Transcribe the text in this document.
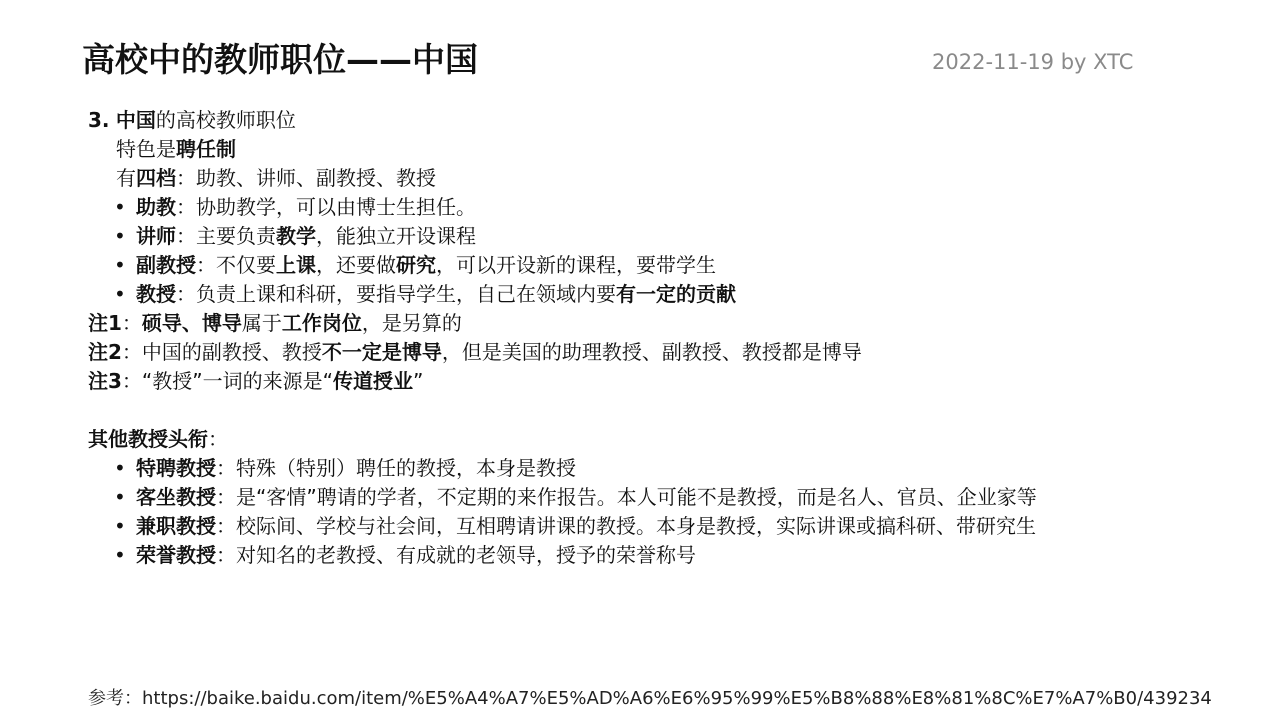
高校中的教师职位——中国	2022-11-19 by XTC
3. 中国的高校教师职位
特色是聘任制
有四档：助教、讲师、副教授、教授
• 助教：协助教学，可以由博士生担任。
• 讲师：主要负责教学，能独立开设课程
• 副教授：不仅要上课，还要做研究，可以开设新的课程，要带学生
• 教授：负责上课和科研，要指导学生，自己在领域内要有一定的贡献
注1：硕导、博导属于工作岗位，是另算的
注2：中国的副教授、教授不一定是博导，但是美国的助理教授、副教授、教授都是博导
注3：“教授”一词的来源是“传道授业”
其他教授头衔：
• 特聘教授：特殊（特别）聘任的教授，本身是教授
• 客坐教授：是“客情”聘请的学者，不定期的来作报告。本人可能不是教授，而是名人、官员、企业家等
• 兼职教授：校际间、学校与社会间，互相聘请讲课的教授。本身是教授，实际讲课或搞科研、带研究生
• 荣誉教授：对知名的老教授、有成就的老领导，授予的荣誉称号
参考：https://baike.baidu.com/item/%E5%A4%A7%E5%AD%A6%E6%95%99%E5%B8%88%E8%81%8C%E7%A7%B0/439234
